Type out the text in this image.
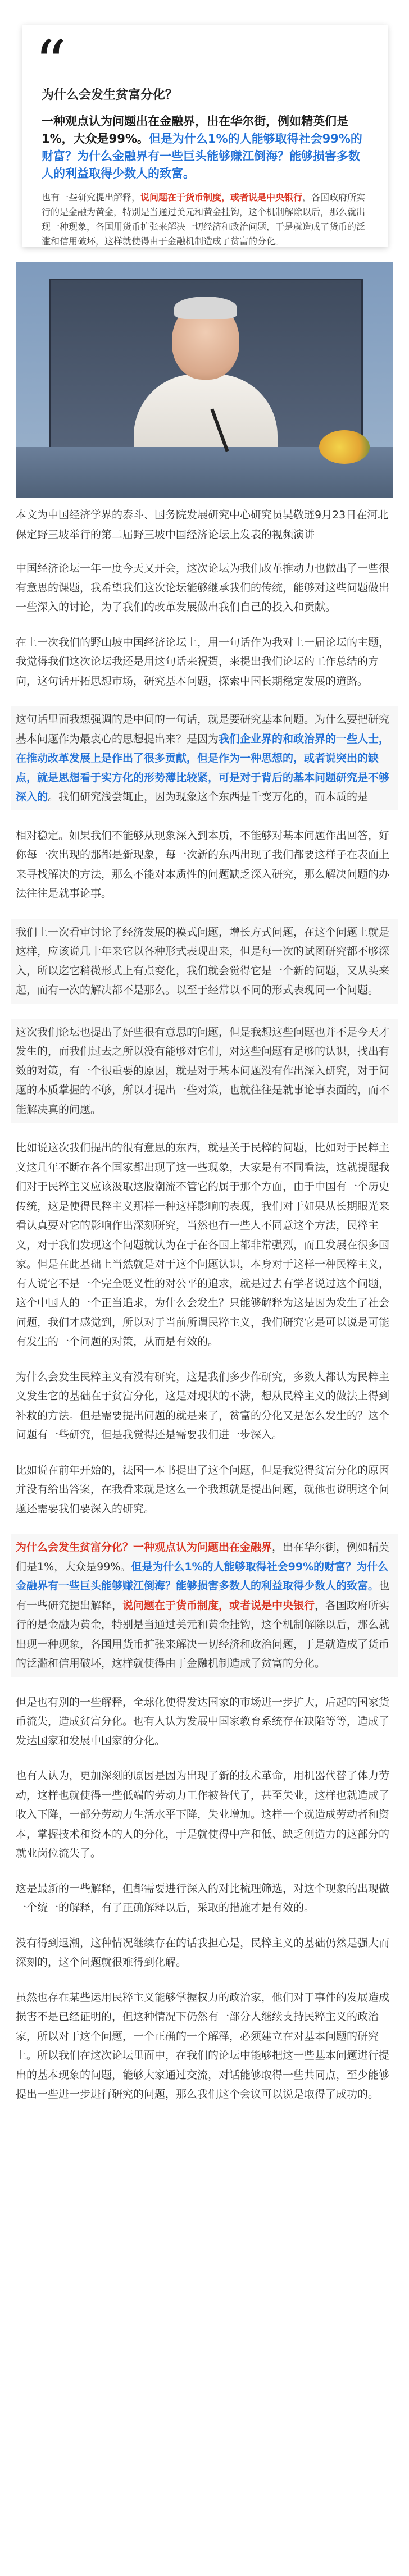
“
为什么会发生贫富分化？
一种观点认为问题出在金融界，出在华尔街，例如精英们是1%，大众是99%。但是为什么1%的人能够取得社会99%的财富？为什么金融界有一些巨头能够赚江倒海？能够损害多数人的利益取得少数人的致富。

也有一些研究提出解释，说问题在于货币制度，或者说是中央银行，各国政府所实行的是金融为黄金，特别是当通过美元和黄金挂钩，这个机制解除以后，那么就出现一种现象，各国用货币扩张来解决一切经济和政治问题，于是就造成了货币的泛滥和信用破坏，这样就使得由于金融机制造成了贫富的分化。

本文为中国经济学界的泰斗、国务院发展研究中心研究员吴敬琏9月23日在河北保定野三坡举行的第二届野三坡中国经济论坛上发表的视频演讲

中国经济论坛一年一度今天又开会，这次论坛为我们改革推动力也做出了一些很有意思的课题，我希望我们这次论坛能够继承我们的传统，能够对这些问题做出一些深入的讨论，为了我们的改革发展做出我们自己的投入和贡献。

在上一次我们的野山坡中国经济论坛上，用一句话作为我对上一届论坛的主题，我觉得我们这次论坛我还是用这句话来祝贺，来提出我们论坛的工作总结的方向，这句话开拓思想市场，研究基本问题，探索中国长期稳定发展的道路。

这句话里面我想强调的是中间的一句话，就是要研究基本问题。为什么要把研究基本问题作为最衷心的思想提出来？是因为我们企业界的和政治界的一些人士，在推动改革发展上是作出了很多贡献，但是作为一种思想的，或者说突出的缺点，就是思想看于实方化的形势薄比较紧，可是对于背后的基本问题研究是不够深入的。我们研究浅尝辄止，因为现象这个东西是千变万化的，而本质的是

相对稳定。如果我们不能够从现象深入到本质，不能够对基本问题作出回答，好你每一次出现的那都是新现象，每一次新的东西出现了我们都要这样子在表面上来寻找解决的方法，那么不能对本质性的问题缺乏深入研究，那么解决问题的办法往往是就事论事。

我们上一次看审讨论了经济发展的模式问题，增长方式问题，在这个问题上就是这样，应该说几十年来它以各种形式表现出来，但是每一次的试图研究都不够深入，所以迄它稍微形式上有点变化，我们就会觉得它是一个新的问题，又从头来起，而有一次的解决都不是那么。以至于经常以不同的形式表现同一个问题。

这次我们论坛也提出了好些很有意思的问题，但是我想这些问题也并不是今天才发生的，而我们过去之所以没有能够对它们，对这些问题有足够的认识，找出有效的对策，有一个很重要的原因，就是对于基本问题没有作出深入研究，对于问题的本质掌握的不够，所以才提出一些对策，也就往往是就事论事表面的，而不能解决真的问题。

比如说这次我们提出的很有意思的东西，就是关于民粹的问题，比如对于民粹主义这几年不断在各个国家都出现了这一些现象，大家是有不同看法，这就提醒我们对于民粹主义应该汲取这股潮流不管它的属于那个方面，由于中国有一个历史传统，这是使得民粹主义那样一种这样影响的表现，我们对于如果从长期眼光来看认真要对它的影响作出深刻研究，当然也有一些人不同意这个方法，民粹主义，对于我们发现这个问题就认为在于在各国上都非常强烈，而且发展在很多国家。但是在此基础上当然就是对于这个问题认识，本身对于这样一种民粹主义，有人说它不是一个完全贬义性的对公平的追求，就是过去有学者说过这个问题，这个中国人的一个正当追求，为什么会发生？只能够解释为这是因为发生了社会问题，我们才感觉到，所以对于当前所谓民粹主义，我们研究它是可以说是可能有发生的一个问题的对策，从而是有效的。

为什么会发生民粹主义有没有研究，这是我们多少作研究，多数人都认为民粹主义发生它的基础在于贫富分化，这是对现状的不满，想从民粹主义的做法上得到补救的方法。但是需要提出问题的就是来了，贫富的分化又是怎么发生的？这个问题有一些研究，但是我觉得还是需要我们进一步深入。

比如说在前年开始的，法国一本书提出了这个问题，但是我觉得贫富分化的原因并没有给出答案，在我看来就是这么一个我想就是提出问题，就他也说明这个问题还需要我们要深入的研究。

为什么会发生贫富分化？一种观点认为问题出在金融界，出在华尔街，例如精英们是1%，大众是99%。但是为什么1%的人能够取得社会99%的财富？为什么金融界有一些巨头能够赚江倒海？能够损害多数人的利益取得少数人的致富。也有一些研究提出解释，说问题在于货币制度，或者说是中央银行，各国政府所实行的是金融为黄金，特别是当通过美元和黄金挂钩，这个机制解除以后，那么就出现一种现象，各国用货币扩张来解决一切经济和政治问题，于是就造成了货币的泛滥和信用破坏，这样就使得由于金融机制造成了贫富的分化。

但是也有别的一些解释，全球化使得发达国家的市场进一步扩大，后起的国家货币流失，造成贫富分化。也有人认为发展中国家教育系统存在缺陷等等，造成了发达国家和发展中国家的分化。

也有人认为，更加深刻的原因是因为出现了新的技术革命，用机器代替了体力劳动，这样也就使得一些低端的劳动力工作被替代了，甚至失业，这样也就造成了收入下降，一部分劳动力生活水平下降，失业增加。这样一个就造成劳动者和资本，掌握技术和资本的人的分化，于是就使得中产和低、缺乏创造力的这部分的就业岗位流失了。

这是最新的一些解释，但都需要进行深入的对比梳理筛选，对这个现象的出现做一个统一的解释，有了正确解释以后，采取的措施才是有效的。

没有得到退潮，这种情况继续存在的话我担心是，民粹主义的基础仍然是强大而深刻的，这个问题就很难得到化解。

虽然也存在某些运用民粹主义能够掌握权力的政治家，他们对于事件的发展造成损害不是已经证明的，但这种情况下仍然有一部分人继续支持民粹主义的政治家，所以对于这个问题，一个正确的一个解释，必须建立在对基本问题的研究上。所以我们在这次论坛里面中，在我们的论坛中能够把这一些基本问题进行提出的基本现象的问题，能够大家通过交流，对话能够取得一些共同点，至少能够提出一些进一步进行研究的问题，那么我们这个会议可以说是取得了成功的。
